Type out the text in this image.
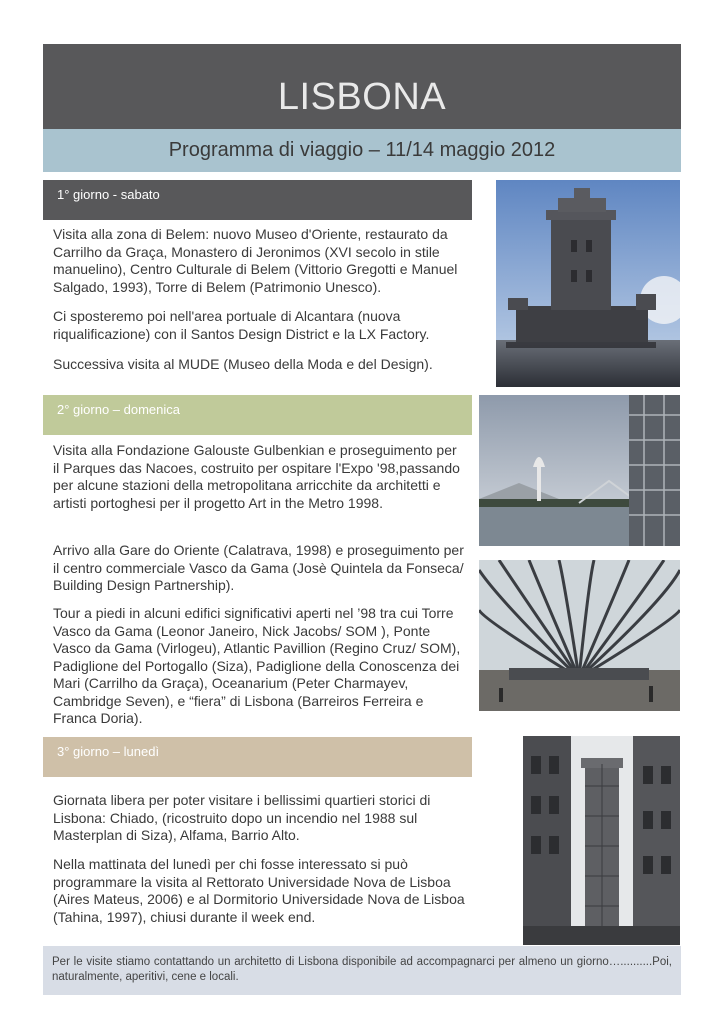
LISBONA
Programma di viaggio – 11/14 maggio 2012
1° giorno - sabato

Visita alla zona di Belem: nuovo Museo d'Oriente, restaurato da Carrilho da Graça, Monastero di Jeronimos (XVI secolo in stile manuelino), Centro Culturale di Belem (Vittorio Gregotti e Manuel Salgado, 1993), Torre di Belem (Patrimonio Unesco).

Ci sposteremo poi nell'area portuale di Alcantara (nuova riqualificazione) con il Santos Design District e la LX Factory.

Successiva visita al MUDE (Museo della Moda e del Design).

2° giorno – domenica

Visita alla Fondazione Galouste Gulbenkian e proseguimento per il Parques das Nacoes, costruito per ospitare l'Expo '98,passando per alcune stazioni della metropolitana arricchite da architetti e artisti portoghesi per il progetto Art in the Metro 1998.

Arrivo alla Gare do Oriente (Calatrava, 1998) e proseguimento per il centro commerciale Vasco da Gama (Josè Quintela da Fonseca/ Building Design Partnership).

Tour a piedi in alcuni edifici significativi aperti nel ’98 tra cui Torre Vasco da Gama (Leonor Janeiro, Nick Jacobs/ SOM ), Ponte Vasco da Gama (Virlogeu), Atlantic Pavillion (Regino Cruz/ SOM), Padiglione del Portogallo (Siza), Padiglione della Conoscenza dei Mari (Carrilho da Graça), Oceanarium (Peter Charmayev, Cambridge Seven), e “fiera” di Lisbona (Barreiros Ferreira e Franca Doria).

3° giorno – lunedì

Giornata libera per poter visitare i bellissimi quartieri storici di Lisbona: Chiado, (ricostruito dopo un incendio nel 1988 sul Masterplan di Siza), Alfama, Barrio Alto.

Nella mattinata del lunedì per chi fosse interessato si può programmare la visita al Rettorato Universidade Nova de Lisboa (Aires Mateus, 2006) e al Dormitorio Universidade Nova de Lisboa (Tahina, 1997), chiusi durante il week end.

Per le visite stiamo contattando un architetto di Lisbona disponibile ad accompagnarci per almeno un giorno…..........Poi, naturalmente, aperitivi, cene e locali.
